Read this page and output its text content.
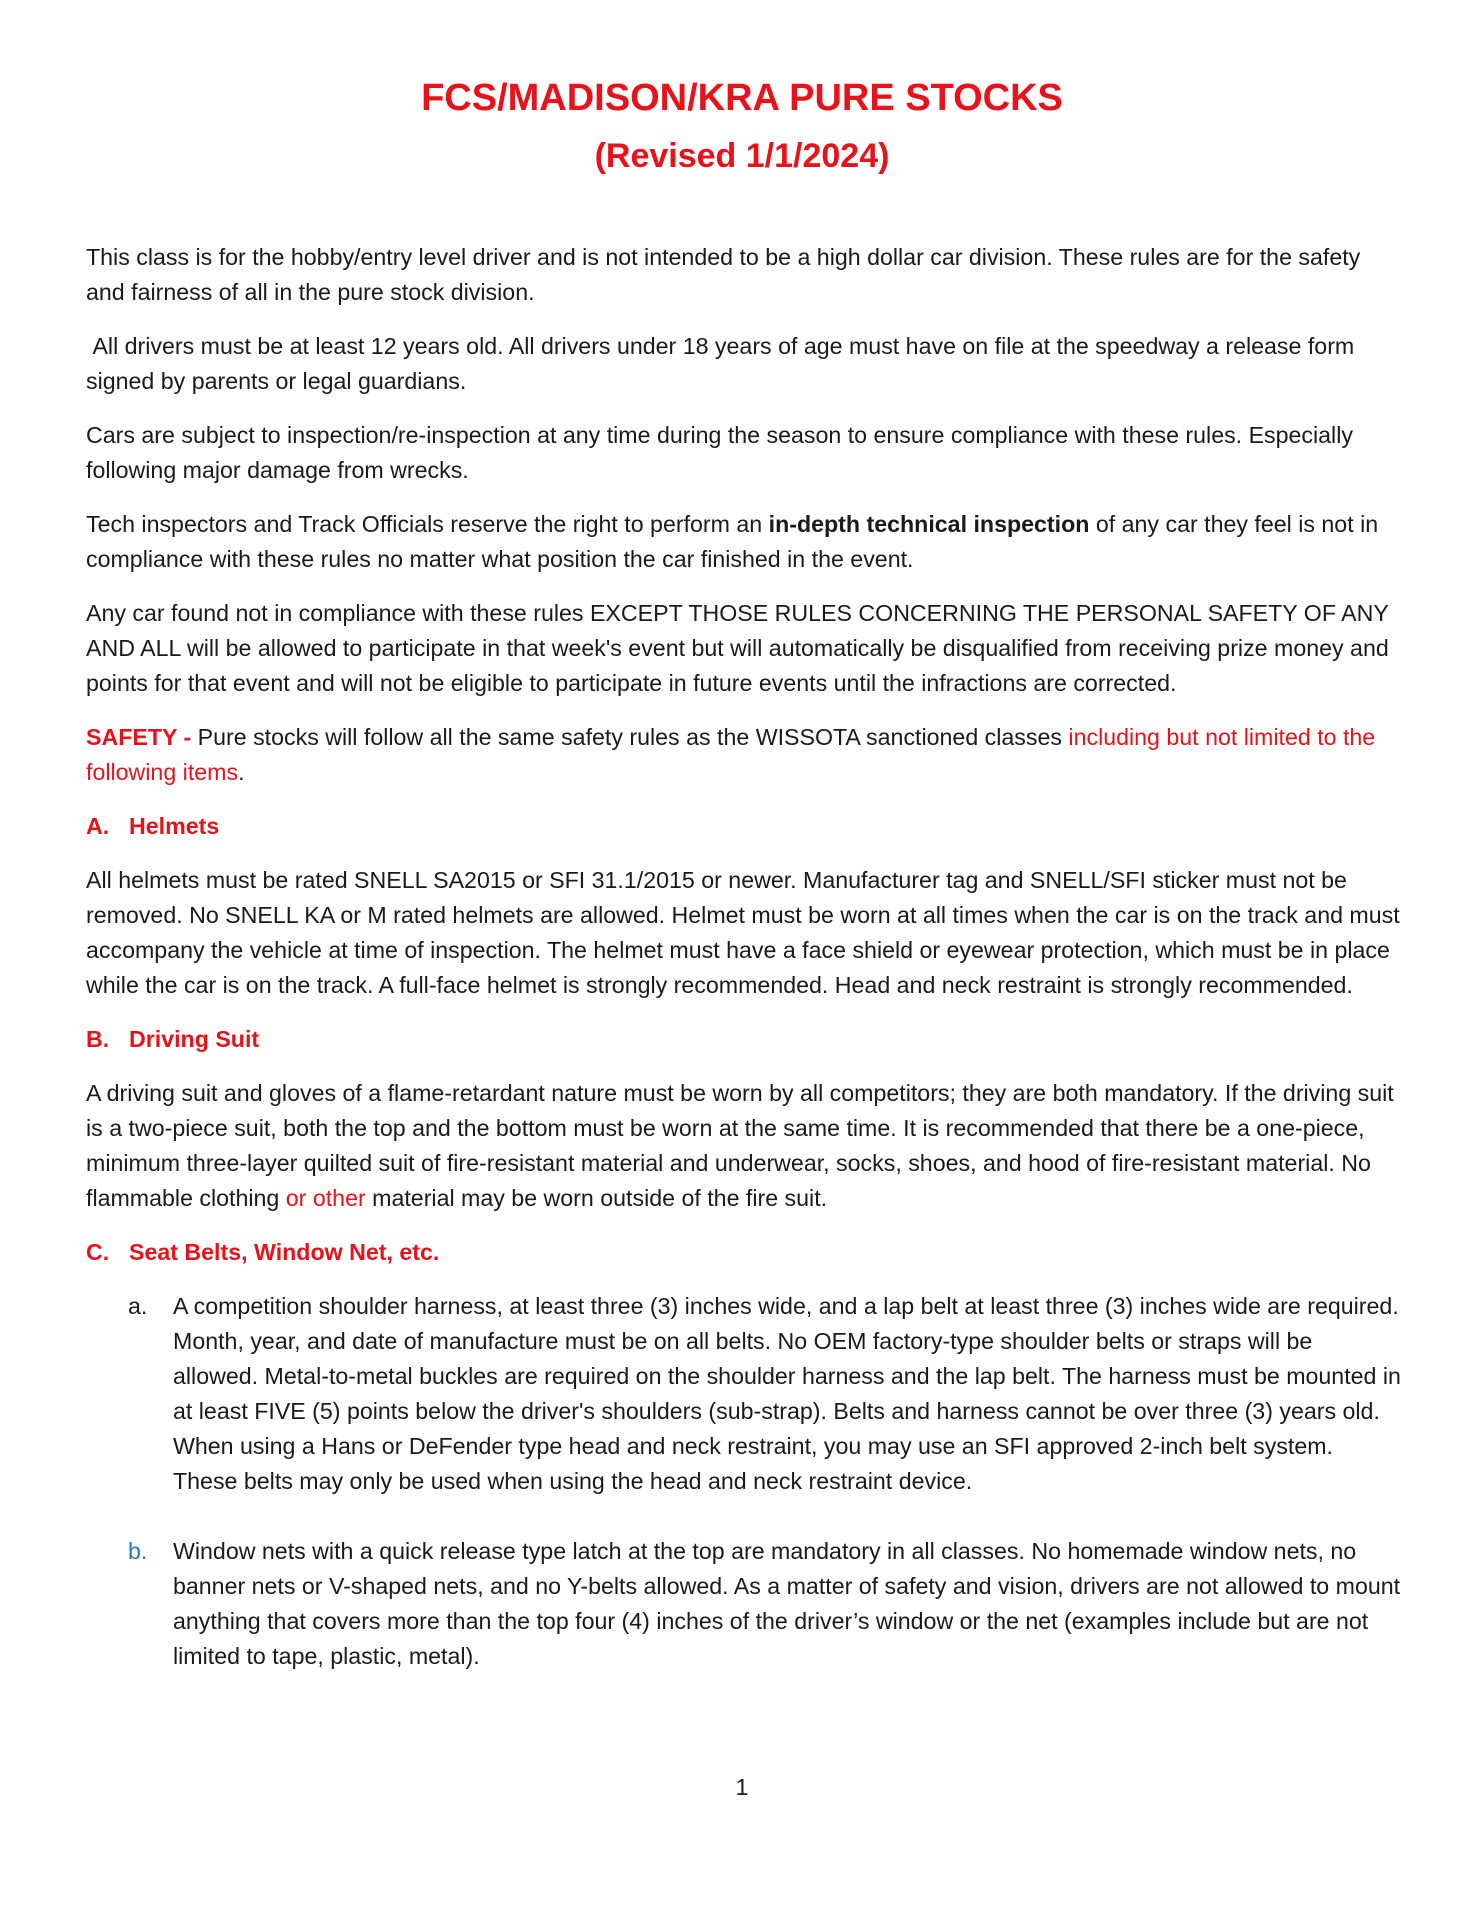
FCS/MADISON/KRA PURE STOCKS
(Revised 1/1/2024)

This class is for the hobby/entry level driver and is not intended to be a high dollar car division. These rules are for the safety and fairness of all in the pure stock division.

All drivers must be at least 12 years old. All drivers under 18 years of age must have on file at the speedway a release form signed by parents or legal guardians.

Cars are subject to inspection/re-inspection at any time during the season to ensure compliance with these rules. Especially following major damage from wrecks.

Tech inspectors and Track Officials reserve the right to perform an in-depth technical inspection of any car they feel is not in compliance with these rules no matter what position the car finished in the event.

Any car found not in compliance with these rules EXCEPT THOSE RULES CONCERNING THE PERSONAL SAFETY OF ANY AND ALL will be allowed to participate in that week's event but will automatically be disqualified from receiving prize money and points for that event and will not be eligible to participate in future events until the infractions are corrected.

SAFETY - Pure stocks will follow all the same safety rules as the WISSOTA sanctioned classes including but not limited to the following items.

A. Helmets

All helmets must be rated SNELL SA2015 or SFI 31.1/2015 or newer. Manufacturer tag and SNELL/SFI sticker must not be removed. No SNELL KA or M rated helmets are allowed. Helmet must be worn at all times when the car is on the track and must accompany the vehicle at time of inspection. The helmet must have a face shield or eyewear protection, which must be in place while the car is on the track. A full-face helmet is strongly recommended. Head and neck restraint is strongly recommended.

B. Driving Suit

A driving suit and gloves of a flame-retardant nature must be worn by all competitors; they are both mandatory. If the driving suit is a two-piece suit, both the top and the bottom must be worn at the same time. It is recommended that there be a one-piece, minimum three-layer quilted suit of fire-resistant material and underwear, socks, shoes, and hood of fire-resistant material. No flammable clothing or other material may be worn outside of the fire suit.

C. Seat Belts, Window Net, etc.
a. A competition shoulder harness, at least three (3) inches wide, and a lap belt at least three (3) inches wide are required. Month, year, and date of manufacture must be on all belts. No OEM factory-type shoulder belts or straps will be allowed. Metal-to-metal buckles are required on the shoulder harness and the lap belt. The harness must be mounted in at least FIVE (5) points below the driver's shoulders (sub-strap). Belts and harness cannot be over three (3) years old. When using a Hans or DeFender type head and neck restraint, you may use an SFI approved 2-inch belt system. These belts may only be used when using the head and neck restraint device.
b. Window nets with a quick release type latch at the top are mandatory in all classes. No homemade window nets, no banner nets or V-shaped nets, and no Y-belts allowed. As a matter of safety and vision, drivers are not allowed to mount anything that covers more than the top four (4) inches of the driver’s window or the net (examples include but are not limited to tape, plastic, metal).
1
